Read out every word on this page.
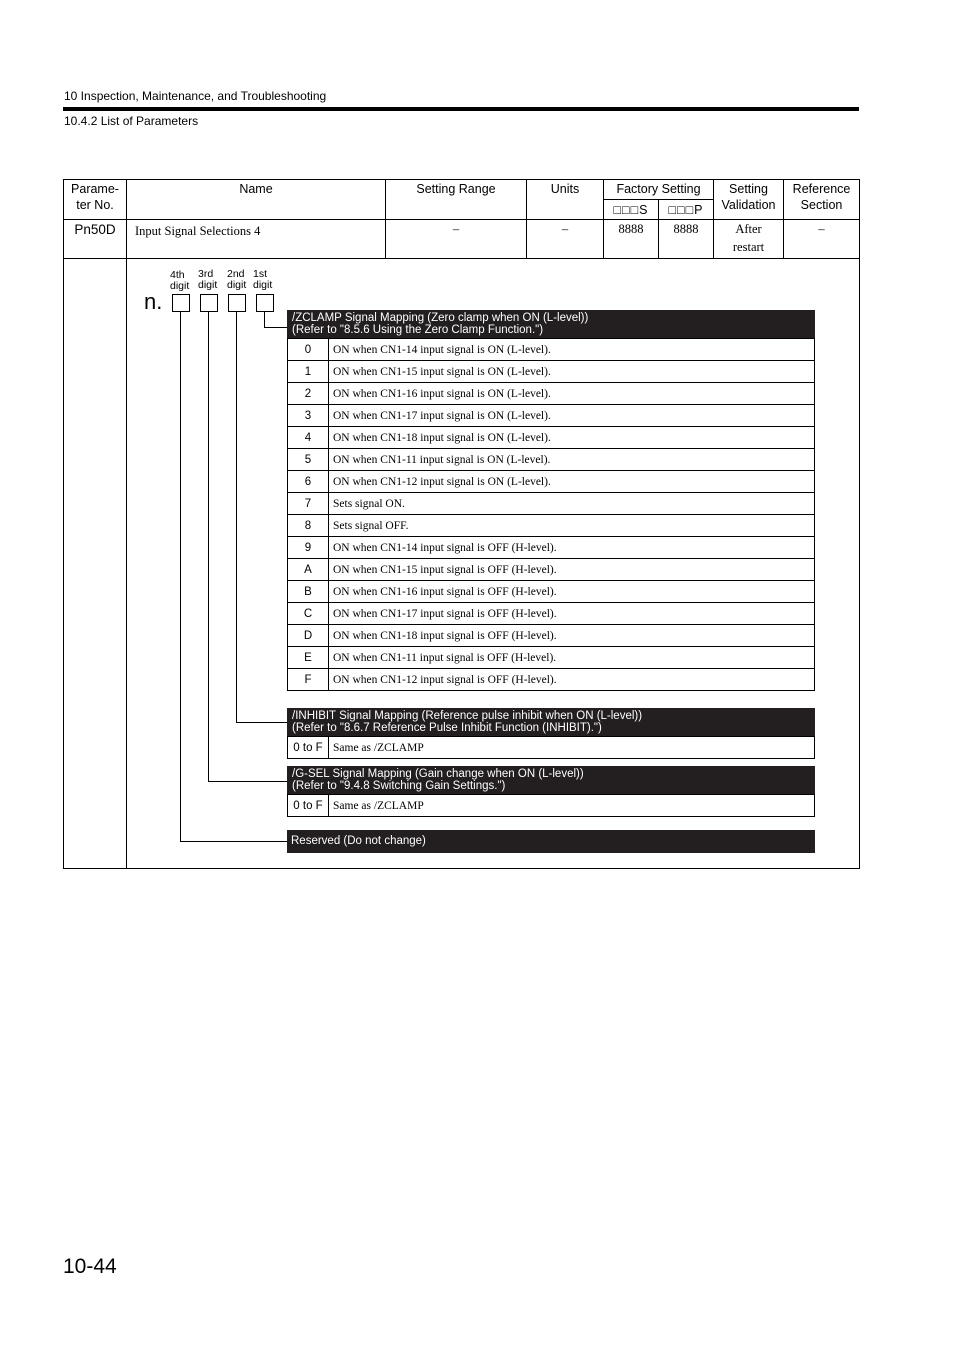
10 Inspection, Maintenance, and Troubleshooting
10.4.2 List of Parameters
Parame-
ter No.	Name	Setting Range	Units	Factory Setting		Setting Validation	Reference Section
				□□□S	□□□P		
Pn50D	Input Signal Selections 4	–	–	8888	8888	After restart	–

4th
digit
3rd
digit
2nd
digit
1st
digit
n.
/ZCLAMP Signal Mapping (Zero clamp when ON (L-level))
(Refer to "8.5.6 Using the Zero Clamp Function.")
0	ON when CN1-14 input signal is ON (L-level).
1	ON when CN1-15 input signal is ON (L-level).
2	ON when CN1-16 input signal is ON (L-level).
3	ON when CN1-17 input signal is ON (L-level).
4	ON when CN1-18 input signal is ON (L-level).
5	ON when CN1-11 input signal is ON (L-level).
6	ON when CN1-12 input signal is ON (L-level).
7	Sets signal ON.
8	Sets signal OFF.
9	ON when CN1-14 input signal is OFF (H-level).
A	ON when CN1-15 input signal is OFF (H-level).
B	ON when CN1-16 input signal is OFF (H-level).
C	ON when CN1-17 input signal is OFF (H-level).
D	ON when CN1-18 input signal is OFF (H-level).
E	ON when CN1-11 input signal is OFF (H-level).
F	ON when CN1-12 input signal is OFF (H-level).
/INHIBIT Signal Mapping (Reference pulse inhibit when ON (L-level))
(Refer to "8.6.7 Reference Pulse Inhibit Function (INHIBIT).")
0 to F	Same as /ZCLAMP
/G-SEL Signal Mapping (Gain change when ON (L-level))
(Refer to "9.4.8 Switching Gain Settings.")
0 to F	Same as /ZCLAMP
Reserved (Do not change)
10-44
